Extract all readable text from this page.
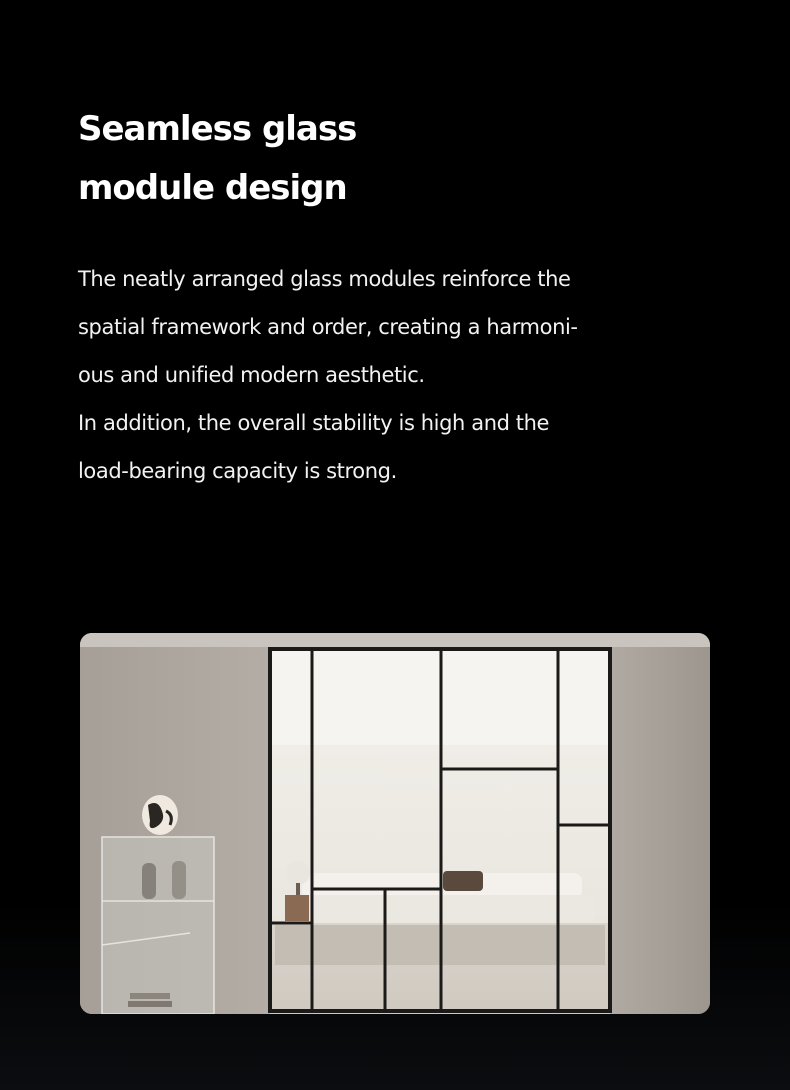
Seamless glass
module design

The neatly arranged glass modules reinforce the
spatial framework and order, creating a harmoni-
ous and unified modern aesthetic.
In addition, the overall stability is high and the
load-bearing capacity is strong.
